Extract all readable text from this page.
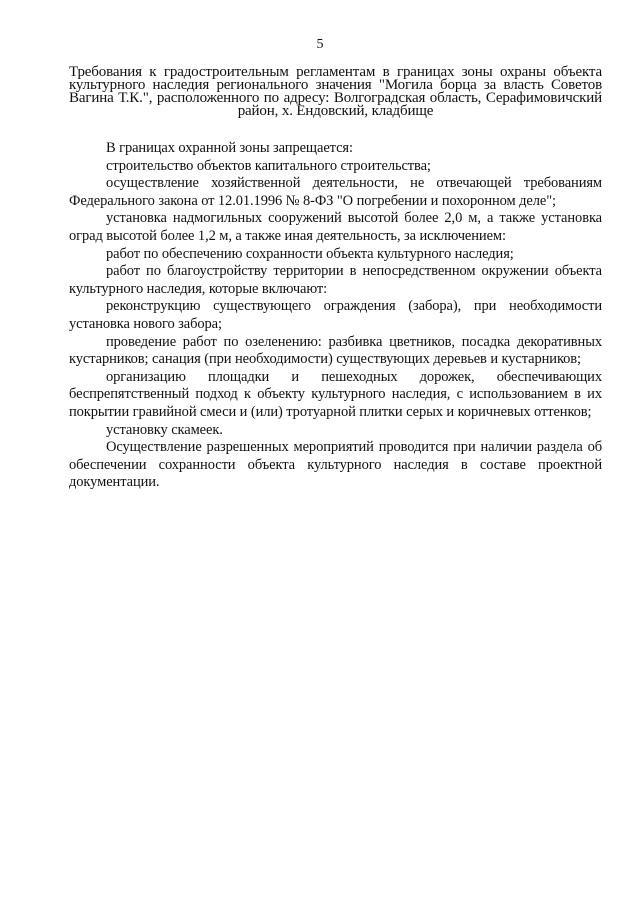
5
Требования к градостроительным регламентам в границах зоны охраны объекта культурного наследия регионального значения "Могила борца за власть Советов Вагина Т.К.", расположенного по адресу: Волгоградская область, Серафимовичский район, х. Ендовский, кладбище

В границах охранной зоны запрещается:

строительство объектов капитального строительства;

осуществление хозяйственной деятельности, не отвечающей требованиям Федерального закона от 12.01.1996 № 8-ФЗ "О погребении и похоронном деле";

установка надмогильных сооружений высотой более 2,0 м, а также установка оград высотой более 1,2 м, а также иная деятельность, за исключением:

работ по обеспечению сохранности объекта культурного наследия;

работ по благоустройству территории в непосредственном окружении объекта культурного наследия, которые включают:

реконструкцию существующего ограждения (забора), при необходимости установка нового забора;

проведение работ по озеленению: разбивка цветников, посадка декоративных кустарников; санация (при необходимости) существующих деревьев и кустарников;

организацию площадки и пешеходных дорожек, обеспечивающих беспрепятственный подход к объекту культурного наследия, с использованием в их покрытии гравийной смеси и (или) тротуарной плитки серых и коричневых оттенков;

установку скамеек.

Осуществление разрешенных мероприятий проводится при наличии раздела об обеспечении сохранности объекта культурного наследия в составе проектной документации.
